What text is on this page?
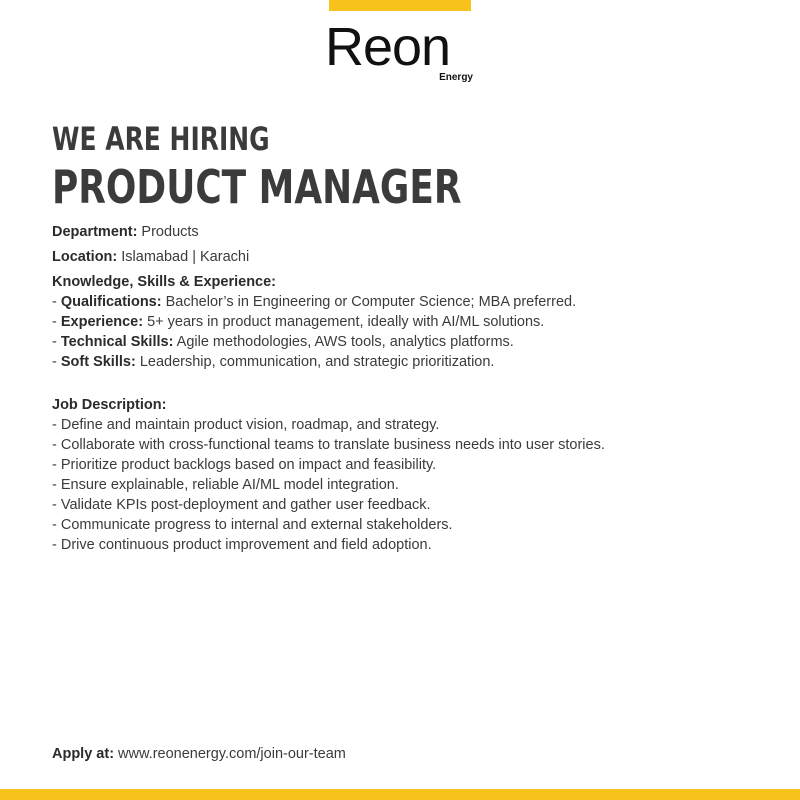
Reon
Energy
WE ARE HIRING
PRODUCT MANAGER
Department: Products
Location: Islamabad | Karachi
Knowledge, Skills & Experience:
- Qualifications: Bachelor’s in Engineering or Computer Science; MBA preferred.
- Experience: 5+ years in product management, ideally with AI/ML solutions.
- Technical Skills: Agile methodologies, AWS tools, analytics platforms.
- Soft Skills: Leadership, communication, and strategic prioritization.
Job Description:
- Define and maintain product vision, roadmap, and strategy.
- Collaborate with cross-functional teams to translate business needs into user stories.
- Prioritize product backlogs based on impact and feasibility.
- Ensure explainable, reliable AI/ML model integration.
- Validate KPIs post-deployment and gather user feedback.
- Communicate progress to internal and external stakeholders.
- Drive continuous product improvement and field adoption.
Apply at: www.reonenergy.com/join-our-team
